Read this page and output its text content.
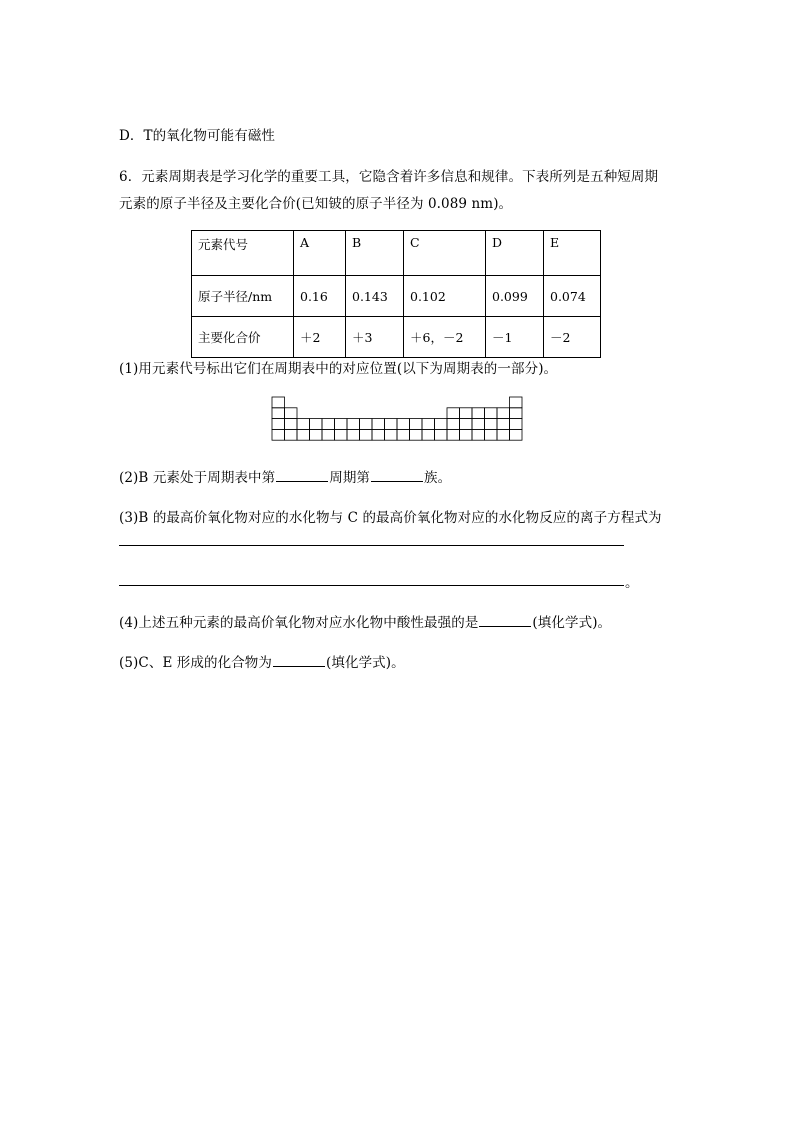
D．T的氧化物可能有磁性
6．元素周期表是学习化学的重要工具，它隐含着许多信息和规律。下表所列是五种短周期
元素的原子半径及主要化合价(已知铍的原子半径为 0.089 nm)。
元素代号	A	B	C	D	E
原子半径/nm	0.16	0.143	0.102	0.099	0.074
主要化合价	＋2	＋3	＋6，－2	－1	－2
(1)用元素代号标出它们在周期表中的对应位置(以下为周期表的一部分)。
(2)B 元素处于周期表中第	周期第	族。
(3)B 的最高价氧化物对应的水化物与 C 的最高价氧化物对应的水化物反应的离子方程式为
。
(4)上述五种元素的最高价氧化物对应水化物中酸性最强的是	(填化学式)。
(5)C、E 形成的化合物为	(填化学式)。
